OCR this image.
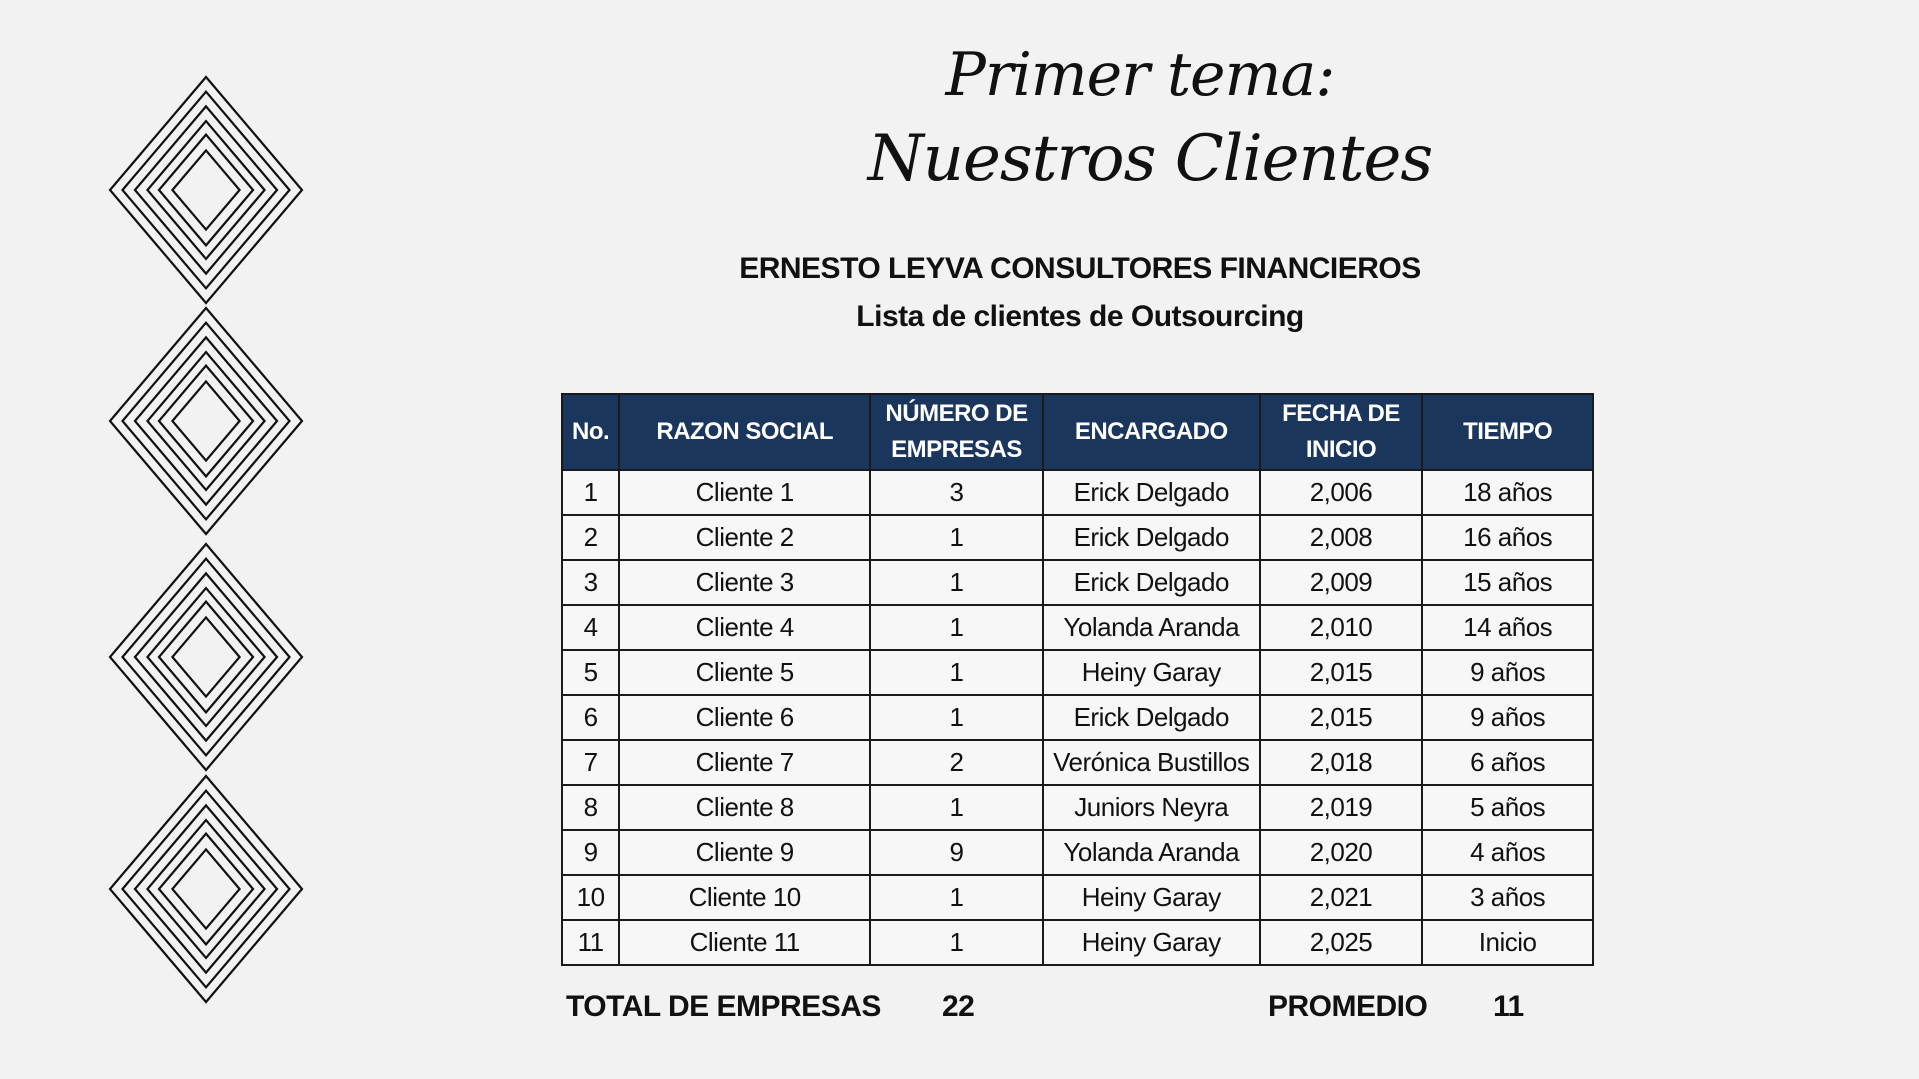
Primer tema:
Nuestros Clientes
ERNESTO LEYVA CONSULTORES FINANCIEROS
Lista de clientes de Outsourcing
No.	RAZON SOCIAL	NÚMERO DE EMPRESAS	ENCARGADO	FECHA DE INICIO	TIEMPO
1	Cliente 1	3	Erick Delgado	2,006	18 años
2	Cliente 2	1	Erick Delgado	2,008	16 años
3	Cliente 3	1	Erick Delgado	2,009	15 años
4	Cliente 4	1	Yolanda Aranda	2,010	14 años
5	Cliente 5	1	Heiny Garay	2,015	9 años
6	Cliente 6	1	Erick Delgado	2,015	9 años
7	Cliente 7	2	Verónica Bustillos	2,018	6 años
8	Cliente 8	1	Juniors Neyra	2,019	5 años
9	Cliente 9	9	Yolanda Aranda	2,020	4 años
10	Cliente 10	1	Heiny Garay	2,021	3 años
11	Cliente 11	1	Heiny Garay	2,025	Inicio
TOTAL DE EMPRESAS 22	PROMEDIO 11
